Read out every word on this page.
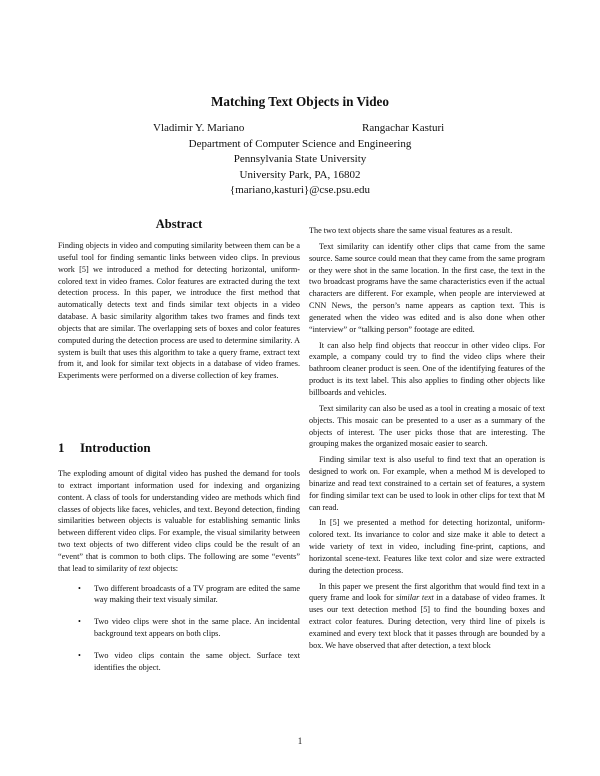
Matching Text Objects in Video
Vladimir Y. Mariano	Rangachar Kasturi
Department of Computer Science and Engineering
Pennsylvania State University
University Park, PA, 16802
{mariano,kasturi}@cse.psu.edu
Abstract

Finding objects in video and computing similarity between them can be a useful tool for finding semantic links between video clips. In previous work [5] we introduced a method for detecting horizontal, uniform-colored text in video frames. Color features are extracted during the text detection process. In this paper, we introduce the first method that automatically detects text and finds similar text objects in a video database. A basic similarity algorithm takes two frames and finds text objects that are similar. The overlapping sets of boxes and color features computed during the detection process are used to determine similarity. A system is built that uses this algorithm to take a query frame, extract text from it, and look for similar text objects in a database of video frames. Experiments were performed on a diverse collection of key frames.

1 Introduction

The exploding amount of digital video has pushed the demand for tools to extract important information used for indexing and organizing content. A class of tools for understanding video are methods which find classes of objects like faces, vehicles, and text. Beyond detection, finding similarities between objects is valuable for establishing semantic links between different video clips. For example, the visual similarity between two text objects of two different video clips could be the result of an “event” that is common to both clips. The following are some “events” that lead to similarity of text objects:

• Two different broadcasts of a TV program are edited the same way making their text visualy similar.
• Two video clips were shot in the same place. An incidental background text appears on both clips.
• Two video clips contain the same object. Surface text identifies the object.

The two text objects share the same visual features as a result.

Text similarity can identify other clips that came from the same source. Same source could mean that they came from the same program or they were shot in the same location. In the first case, the text in the two broadcast programs have the same characteristics even if the actual characters are different. For example, when people are interviewed at CNN News, the person’s name appears as caption text. This is generated when the video was edited and is also done when other “interview” or “talking person” footage are edited.

It can also help find objects that reoccur in other video clips. For example, a company could try to find the video clips where their bathroom cleaner product is seen. One of the identifying features of the product is its text label. This also applies to finding other objects like billboards and vehicles.

Text similarity can also be used as a tool in creating a mosaic of text objects. This mosaic can be presented to a user as a summary of the objects of interest. The user picks those that are interesting. The grouping makes the organized mosaic easier to search.

Finding similar text is also useful to find text that an operation is designed to work on. For example, when a method M is developed to binarize and read text constrained to a certain set of features, a system for finding similar text can be used to look in other clips for text that M can read.

In [5] we presented a method for detecting horizontal, uniform-colored text. Its invariance to color and size make it able to detect a wide variety of text in video, including fine-print, captions, and horizontal scene-text. Features like text color and size were extracted during the detection process.

In this paper we present the first algorithm that would find text in a query frame and look for similar text in a database of video frames. It uses our text detection method [5] to find the bounding boxes and extract color features. During detection, very third line of pixels is examined and every text block that it passes through are bounded by a box. We have observed that after detection, a text block

1
